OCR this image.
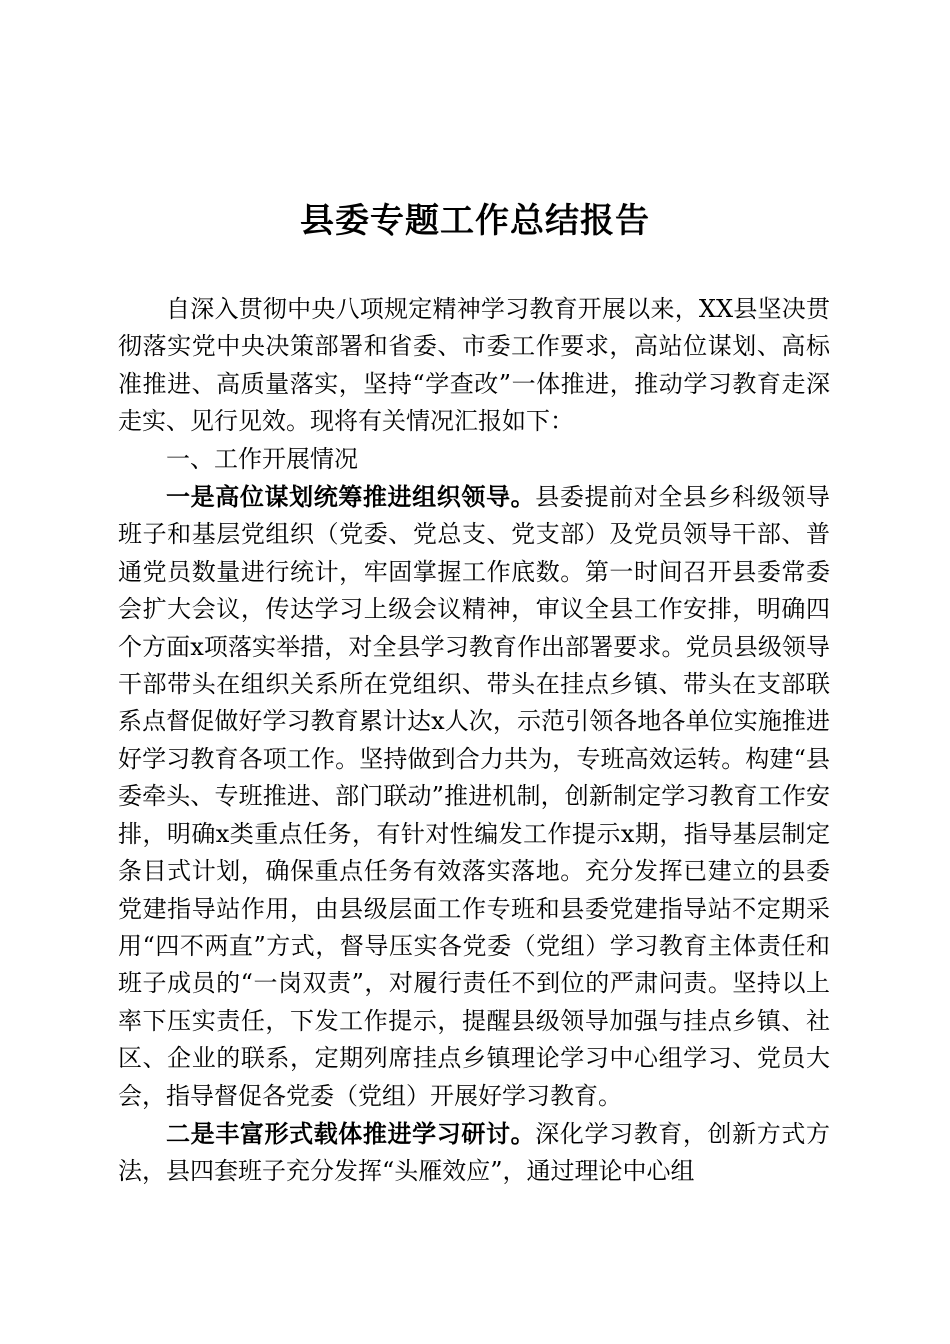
县委专题工作总结报告

自深入贯彻中央八项规定精神学习教育开展以来，XX县坚决贯彻落实党中央决策部署和省委、市委工作要求，高站位谋划、高标准推进、高质量落实，坚持“学查改”一体推进，推动学习教育走深走实、见行见效。现将有关情况汇报如下：

一、工作开展情况

一是高位谋划统筹推进组织领导。县委提前对全县乡科级领导班子和基层党组织（党委、党总支、党支部）及党员领导干部、普通党员数量进行统计，牢固掌握工作底数。第一时间召开县委常委会扩大会议，传达学习上级会议精神，审议全县工作安排，明确四个方面x项落实举措，对全县学习教育作出部署要求。党员县级领导干部带头在组织关系所在党组织、带头在挂点乡镇、带头在支部联系点督促做好学习教育累计达x人次，示范引领各地各单位实施推进好学习教育各项工作。坚持做到合力共为，专班高效运转。构建“县委牵头、专班推进、部门联动”推进机制，创新制定学习教育工作安排，明确x类重点任务，有针对性编发工作提示x期，指导基层制定条目式计划，确保重点任务有效落实落地。充分发挥已建立的县委党建指导站作用，由县级层面工作专班和县委党建指导站不定期采用“四不两直”方式，督导压实各党委（党组）学习教育主体责任和班子成员的“一岗双责”，对履行责任不到位的严肃问责。坚持以上率下压实责任，下发工作提示，提醒县级领导加强与挂点乡镇、社区、企业的联系，定期列席挂点乡镇理论学习中心组学习、党员大会，指导督促各党委（党组）开展好学习教育。

二是丰富形式载体推进学习研讨。深化学习教育，创新方式方法，县四套班子充分发挥“头雁效应”，通过理论中心组
